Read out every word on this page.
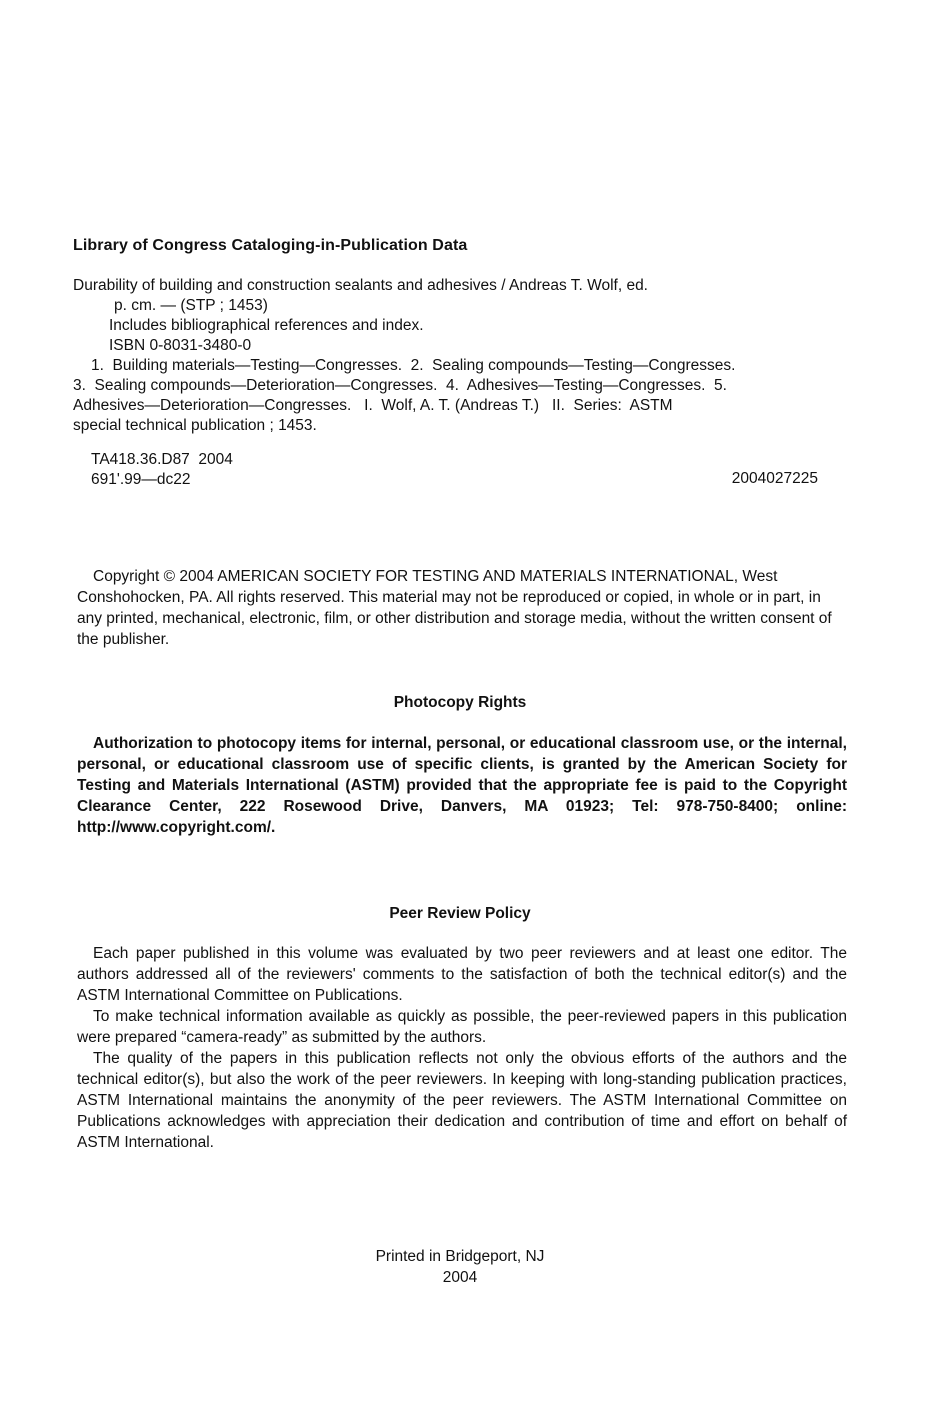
Library of Congress Cataloging-in-Publication Data
Durability of building and construction sealants and adhesives / Andreas T. Wolf, ed.
p. cm. — (STP ; 1453)
Includes bibliographical references and index.
ISBN 0-8031-3480-0
1.  Building materials—Testing—Congresses.  2.  Sealing compounds—Testing—Congresses.
3.  Sealing compounds—Deterioration—Congresses.  4.  Adhesives—Testing—Congresses.  5.
Adhesives—Deterioration—Congresses.   I.  Wolf, A. T. (Andreas T.)   II.  Series:  ASTM
special technical publication ; 1453.
TA418.36.D87  2004
691'.99—dc22	2004027225
Copyright © 2004 AMERICAN SOCIETY FOR TESTING AND MATERIALS INTERNATIONAL, West Conshohocken, PA. All rights reserved. This material may not be reproduced or copied, in whole or in part, in any printed, mechanical, electronic, film, or other distribution and storage media, without the written consent of the publisher.
Photocopy Rights
Authorization to photocopy items for internal, personal, or educational classroom use, or the internal, personal, or educational classroom use of specific clients, is granted by the American Society for Testing and Materials International (ASTM) provided that the appropriate fee is paid to the Copyright Clearance Center, 222 Rosewood Drive, Danvers, MA 01923; Tel: 978-750-8400; online: http://www.copyright.com/.
Peer Review Policy

Each paper published in this volume was evaluated by two peer reviewers and at least one editor. The authors addressed all of the reviewers' comments to the satisfaction of both the technical editor(s) and the ASTM International Committee on Publications.

To make technical information available as quickly as possible, the peer-reviewed papers in this publication were prepared “camera-ready” as submitted by the authors.

The quality of the papers in this publication reflects not only the obvious efforts of the authors and the technical editor(s), but also the work of the peer reviewers. In keeping with long-standing publication practices, ASTM International maintains the anonymity of the peer reviewers. The ASTM International Committee on Publications acknowledges with appreciation their dedication and contribution of time and effort on behalf of ASTM International.

Printed in Bridgeport, NJ
2004
